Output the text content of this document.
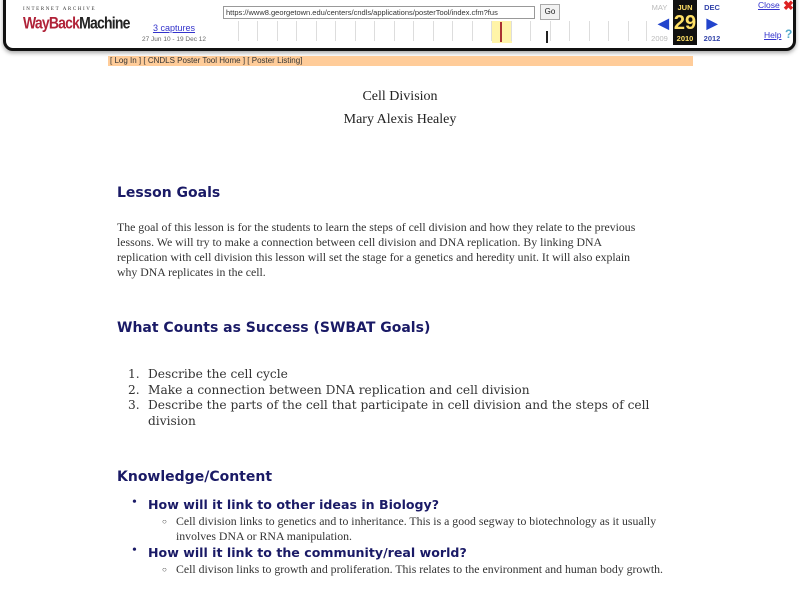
INTERNET ARCHIVE
WayBack Machine	3 captures
27 Jun 10 - 19 Dec 12
https://www8.georgetown.edu/centers/cndls/applications/posterTool/index.cfm?fus	Go	MAY
◀
2009
JUN
29
2010
DEC
▶
2012
Close ✖
Help ?
[ Log In ] [ CNDLS Poster Tool Home ] [ Poster Listing]
Cell Division
Mary Alexis Healey
Lesson Goals
The goal of this lesson is for the students to learn the steps of cell division and how they relate to the previous
lessons. We will try to make a connection between cell division and DNA replication. By linking DNA
replication with cell division this lesson will set the stage for a genetics and heredity unit. It will also explain
why DNA replicates in the cell.
What Counts as Success (SWBAT Goals)
1. Describe the cell cycle
2. Make a connection between DNA replication and cell division
3. Describe the parts of the cell that participate in cell division and the steps of cell division
Knowledge/Content
• How will it link to other ideas in Biology?
○ Cell division links to genetics and to inheritance. This is a good segway to biotechnology as it usually involves DNA or RNA manipulation.
• How will it link to the community/real world?
○ Cell divison links to growth and proliferation. This relates to the environment and human body growth.
